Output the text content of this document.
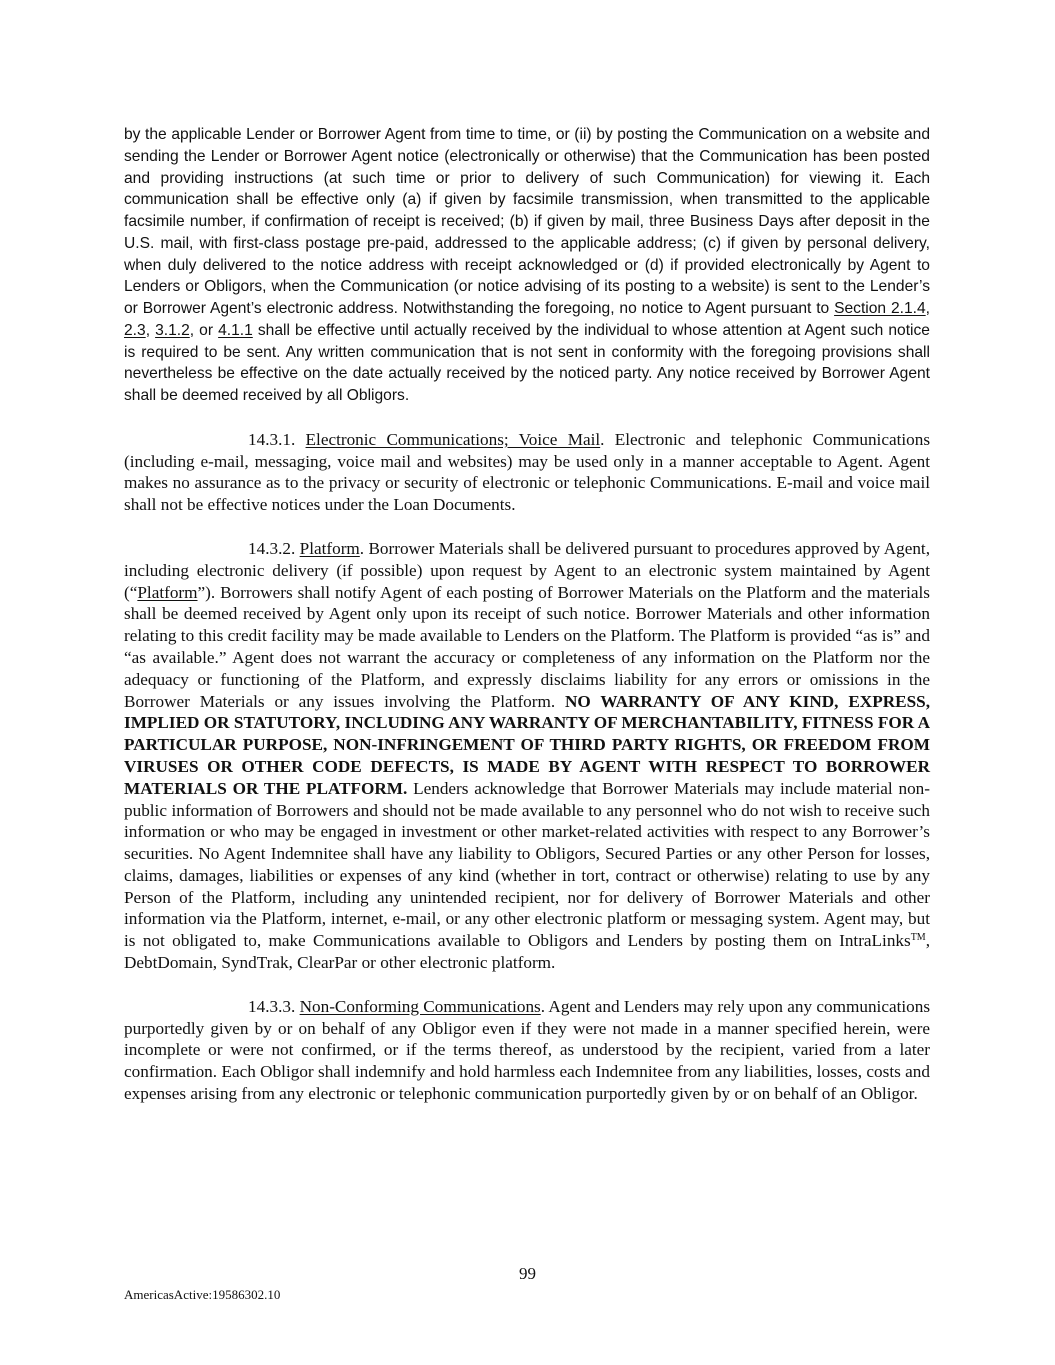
by the applicable Lender or Borrower Agent from time to time, or (ii) by posting the Communication on a website and sending the Lender or Borrower Agent notice (electronically or otherwise) that the Communication has been posted and providing instructions (at such time or prior to delivery of such Communication) for viewing it. Each communication shall be effective only (a) if given by facsimile transmission, when transmitted to the applicable facsimile number, if confirmation of receipt is received; (b) if given by mail, three Business Days after deposit in the U.S. mail, with first-class postage pre-paid, addressed to the applicable address; (c) if given by personal delivery, when duly delivered to the notice address with receipt acknowledged or (d) if provided electronically by Agent to Lenders or Obligors, when the Communication (or notice advising of its posting to a website) is sent to the Lender’s or Borrower Agent’s electronic address. Notwithstanding the foregoing, no notice to Agent pursuant to Section 2.1.4, 2.3, 3.1.2, or 4.1.1 shall be effective until actually received by the individual to whose attention at Agent such notice is required to be sent. Any written communication that is not sent in conformity with the foregoing provisions shall nevertheless be effective on the date actually received by the noticed party. Any notice received by Borrower Agent shall be deemed received by all Obligors.

14.3.1. Electronic Communications; Voice Mail. Electronic and telephonic Communications (including e-mail, messaging, voice mail and websites) may be used only in a manner acceptable to Agent. Agent makes no assurance as to the privacy or security of electronic or telephonic Communications. E-mail and voice mail shall not be effective notices under the Loan Documents.

14.3.2. Platform. Borrower Materials shall be delivered pursuant to procedures approved by Agent, including electronic delivery (if possible) upon request by Agent to an electronic system maintained by Agent (“Platform”). Borrowers shall notify Agent of each posting of Borrower Materials on the Platform and the materials shall be deemed received by Agent only upon its receipt of such notice. Borrower Materials and other information relating to this credit facility may be made available to Lenders on the Platform. The Platform is provided “as is” and “as available.” Agent does not warrant the accuracy or completeness of any information on the Platform nor the adequacy or functioning of the Platform, and expressly disclaims liability for any errors or omissions in the Borrower Materials or any issues involving the Platform. NO WARRANTY OF ANY KIND, EXPRESS, IMPLIED OR STATUTORY, INCLUDING ANY WARRANTY OF MERCHANTABILITY, FITNESS FOR A PARTICULAR PURPOSE, NON-INFRINGEMENT OF THIRD PARTY RIGHTS, OR FREEDOM FROM VIRUSES OR OTHER CODE DEFECTS, IS MADE BY AGENT WITH RESPECT TO BORROWER MATERIALS OR THE PLATFORM. Lenders acknowledge that Borrower Materials may include material non-public information of Borrowers and should not be made available to any personnel who do not wish to receive such information or who may be engaged in investment or other market-related activities with respect to any Borrower’s securities. No Agent Indemnitee shall have any liability to Obligors, Secured Parties or any other Person for losses, claims, damages, liabilities or expenses of any kind (whether in tort, contract or otherwise) relating to use by any Person of the Platform, including any unintended recipient, nor for delivery of Borrower Materials and other information via the Platform, internet, e-mail, or any other electronic platform or messaging system. Agent may, but is not obligated to, make Communications available to Obligors and Lenders by posting them on IntraLinks™, DebtDomain, SyndTrak, ClearPar or other electronic platform.

14.3.3. Non-Conforming Communications. Agent and Lenders may rely upon any communications purportedly given by or on behalf of any Obligor even if they were not made in a manner specified herein, were incomplete or were not confirmed, or if the terms thereof, as understood by the recipient, varied from a later confirmation. Each Obligor shall indemnify and hold harmless each Indemnitee from any liabilities, losses, costs and expenses arising from any electronic or telephonic communication purportedly given by or on behalf of an Obligor.

99
AmericasActive:19586302.10
